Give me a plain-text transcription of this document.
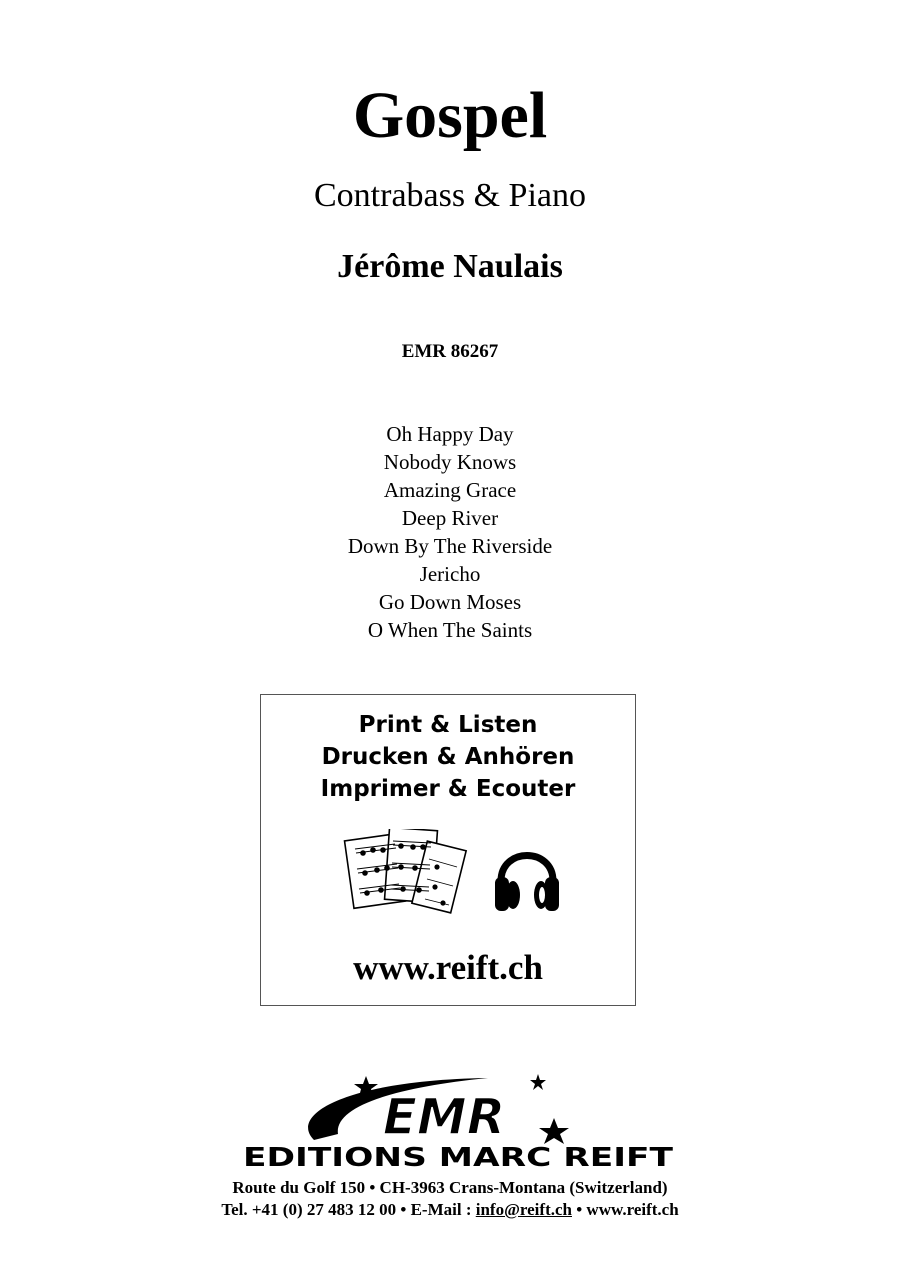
Gospel
Contrabass & Piano
Jérôme Naulais
EMR 86267
Oh Happy Day
Nobody Knows
Amazing Grace
Deep River
Down By The Riverside
Jericho
Go Down Moses
O When The Saints
Print & Listen
Drucken & Anhören
Imprimer & Ecouter
www.reift.ch
EMR
EDITIONS MARC REIFT
Route du Golf 150 • CH-3963 Crans-Montana (Switzerland)
Tel. +41 (0) 27 483 12 00 • E-Mail : info@reift.ch • www.reift.ch
